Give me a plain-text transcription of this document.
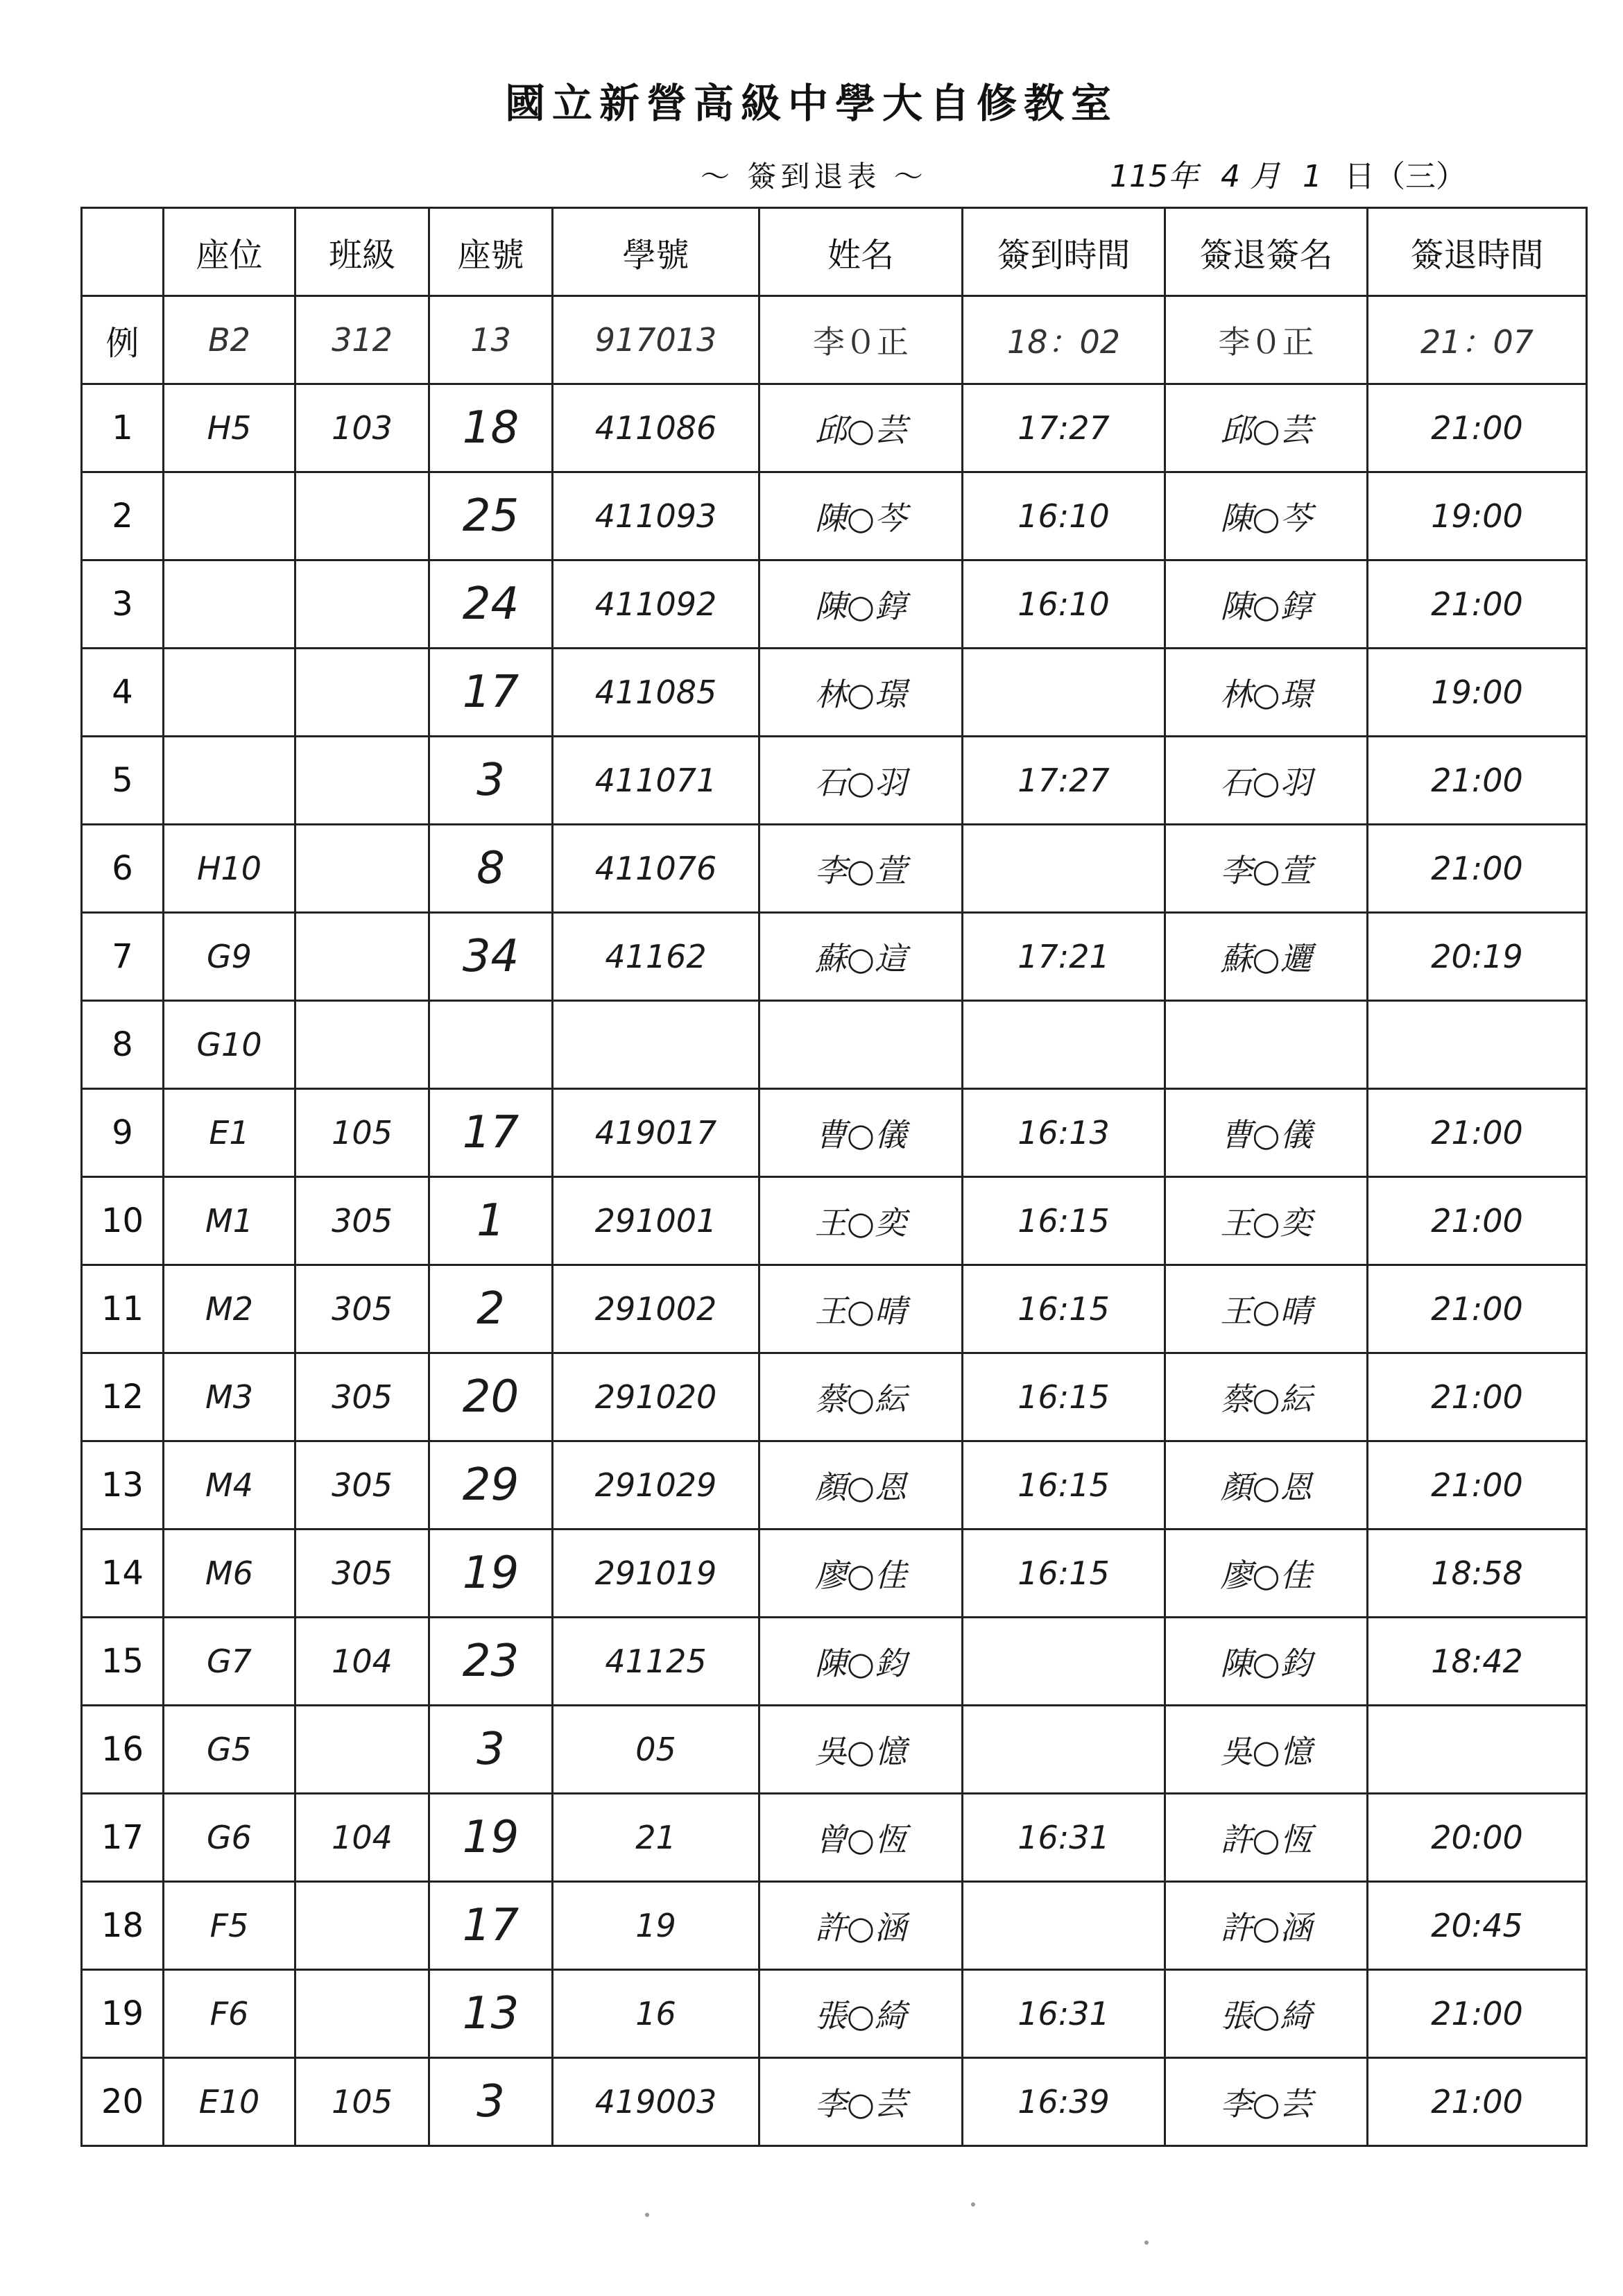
國立新營高級中學大自修教室
～ 簽到退表 ～	115年 4 月 1 日（三）
	座位	班級	座號	學號	姓名	簽到時間	簽退簽名	簽退時間
例	B2	312	13	917013	李０正	18：02	李０正	21：07
1	H5	103	18	411086	邱○芸	17:27	邱○芸	21:00
2			25	411093	陳○芩	16:10	陳○芩	19:00
3			24	411092	陳○錞	16:10	陳○錞	21:00
4			17	411085	林○璟		林○璟	19:00
5			3	411071	石○羽	17:27	石○羽	21:00
6	H10		8	411076	李○萱		李○萱	21:00
7	G9		34	41162	蘇○這	17:21	蘇○邐	20:19
8	G10							
9	E1	105	17	419017	曹○儀	16:13	曹○儀	21:00
10	M1	305	1	291001	王○奕	16:15	王○奕	21:00
11	M2	305	2	291002	王○晴	16:15	王○晴	21:00
12	M3	305	20	291020	蔡○紜	16:15	蔡○紜	21:00
13	M4	305	29	291029	顏○恩	16:15	顏○恩	21:00
14	M6	305	19	291019	廖○佳	16:15	廖○佳	18:58
15	G7	104	23	41125	陳○鈞		陳○鈞	18:42
16	G5		3	05	吳○憶		吳○憶	
17	G6	104	19	21	曾○恆	16:31	許○恆	20:00
18	F5		17	19	許○涵		許○涵	20:45
19	F6		13	16	張○綺	16:31	張○綺	21:00
20	E10	105	3	419003	李○芸	16:39	李○芸	21:00
